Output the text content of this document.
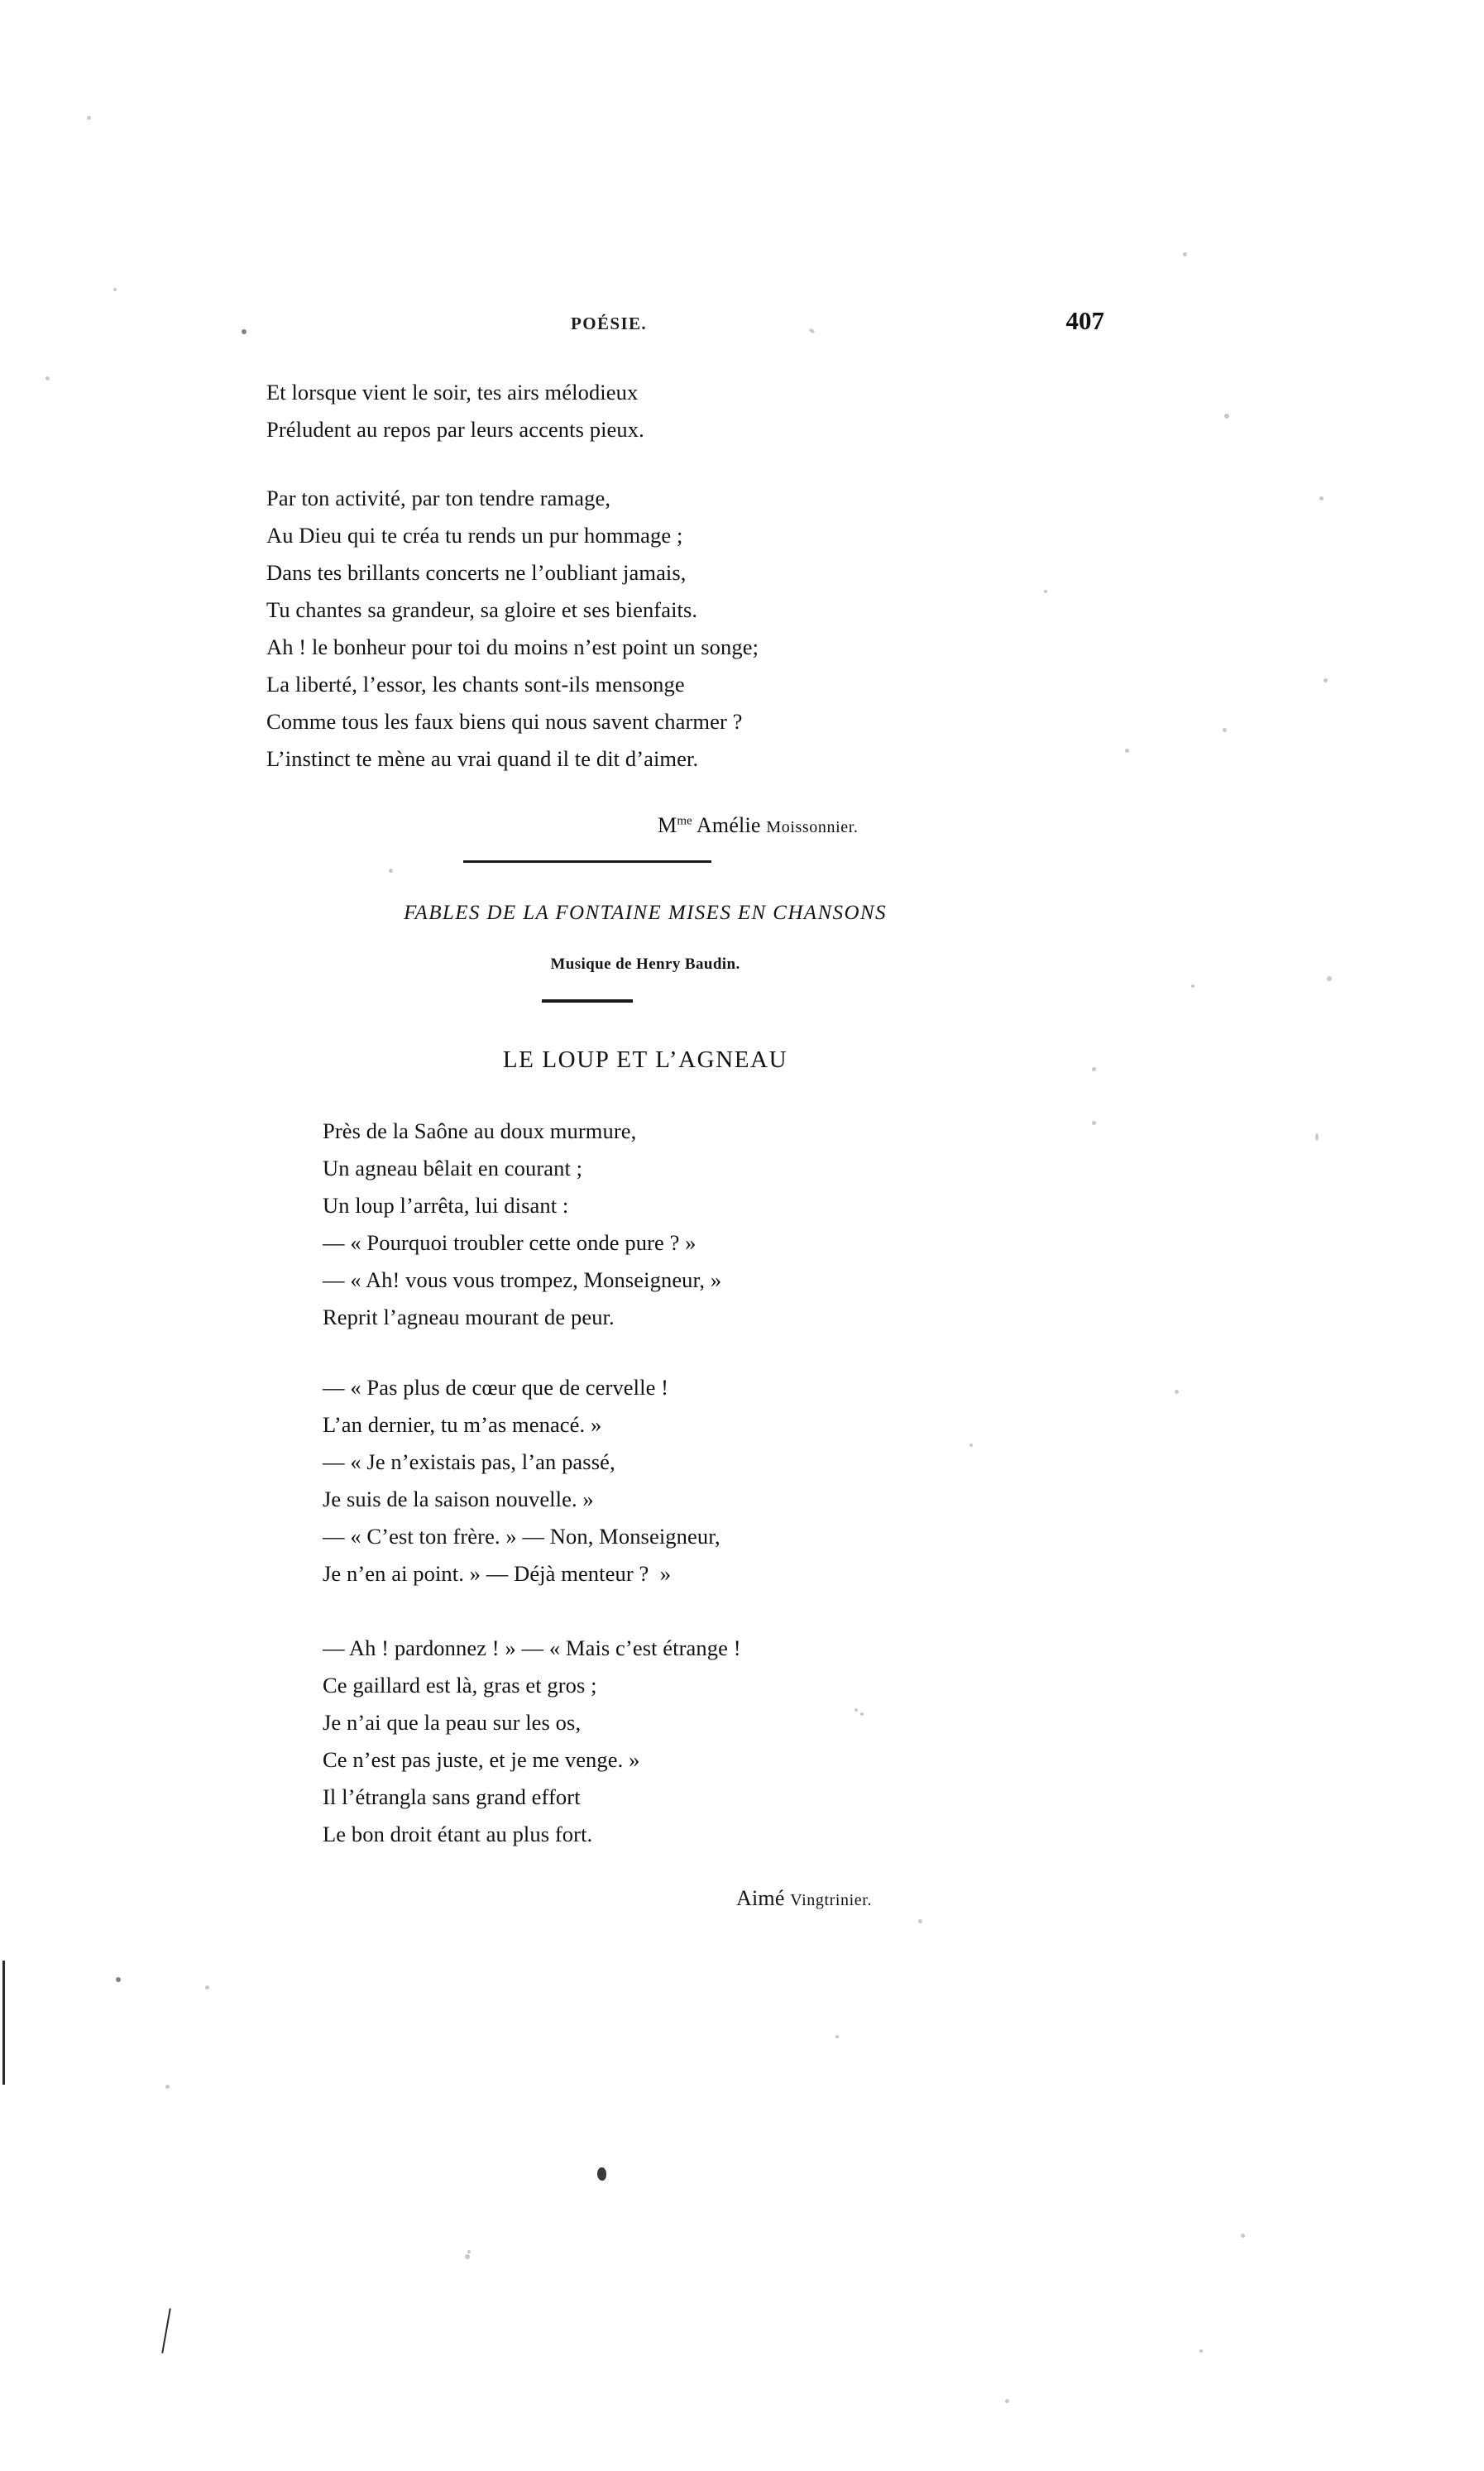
POÉSIE.	407
Et lorsque vient le soir, tes airs mélodieux
Préludent au repos par leurs accents pieux.
Par ton activité, par ton tendre ramage,
Au Dieu qui te créa tu rends un pur hommage ;
Dans tes brillants concerts ne l’oubliant jamais,
Tu chantes sa grandeur, sa gloire et ses bienfaits.
Ah ! le bonheur pour toi du moins n’est point un songe;
La liberté, l’essor, les chants sont-ils mensonge
Comme tous les faux biens qui nous savent charmer ?
L’instinct te mène au vrai quand il te dit d’aimer.
$M^{me}$ Amélie Moissonnier.
FABLES DE LA FONTAINE MISES EN CHANSONS
Musique de Henry Baudin.
LE LOUP ET L’AGNEAU
Près de la Saône au doux murmure,
Un agneau bêlait en courant ;
Un loup l’arrêta, lui disant :
— « Pourquoi troubler cette onde pure ? »
— « Ah! vous vous trompez, Monseigneur, »
Reprit l’agneau mourant de peur.
— « Pas plus de cœur que de cervelle !
L’an dernier, tu m’as menacé. »
— « Je n’existais pas, l’an passé,
Je suis de la saison nouvelle. »
— « C’est ton frère. » — Non, Monseigneur,
Je n’en ai point. » — Déjà menteur ?  »
— Ah ! pardonnez ! » — « Mais c’est étrange !
Ce gaillard est là, gras et gros ;
Je n’ai que la peau sur les os,
Ce n’est pas juste, et je me venge. »
Il l’étrangla sans grand effort
Le bon droit étant au plus fort.
Aimé Vingtrinier.
